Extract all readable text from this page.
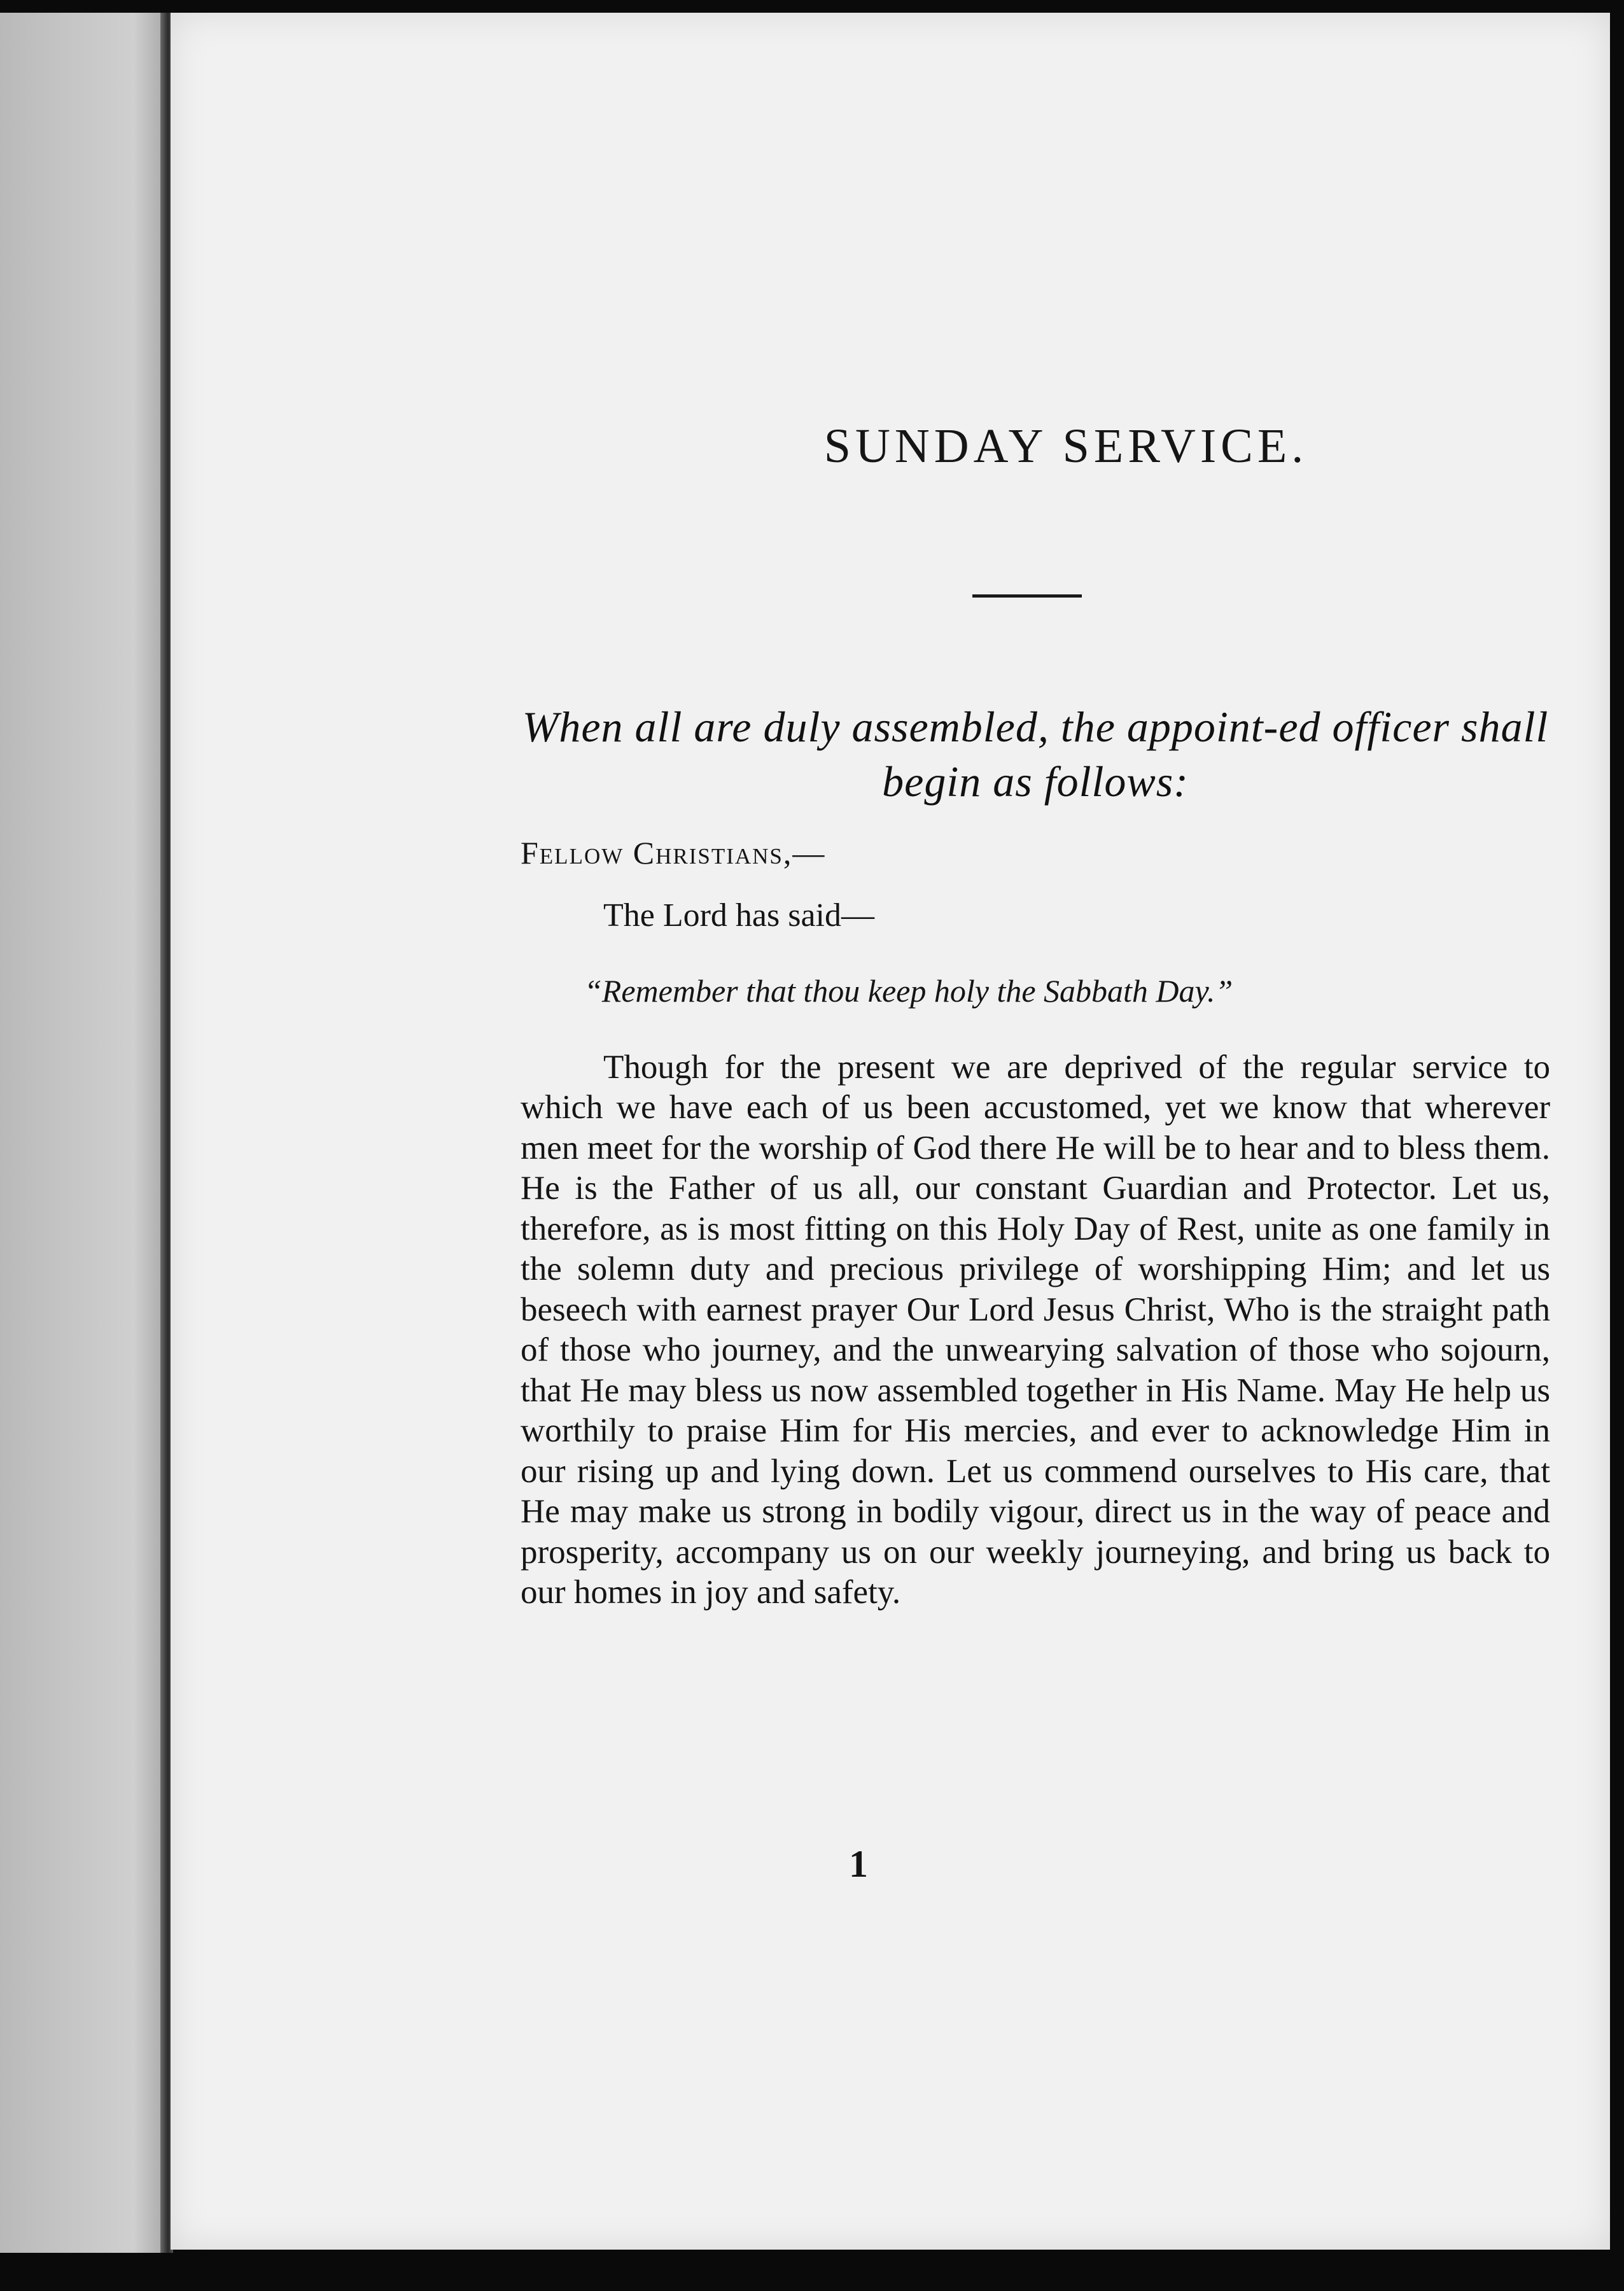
SUNDAY SERVICE.
When all are duly assembled, the appoint-ed officer shall begin as follows:
Fellow Christians,—
The Lord has said—
“Remember that thou keep holy the Sabbath Day.”

Though for the present we are deprived of the regular service to which we have each of us been accustomed, yet we know that wherever men meet for the worship of God there He will be to hear and to bless them. He is the Father of us all, our constant Guardian and Protector. Let us, therefore, as is most fitting on this Holy Day of Rest, unite as one family in the solemn duty and precious privilege of worshipping Him; and let us beseech with earnest prayer Our Lord Jesus Christ, Who is the straight path of those who journey, and the unwearying salvation of those who sojourn, that He may bless us now assembled together in His Name. May He help us worthily to praise Him for His mercies, and ever to acknowledge Him in our rising up and lying down. Let us commend ourselves to His care, that He may make us strong in bodily vigour, direct us in the way of peace and prosperity, accompany us on our weekly journeying, and bring us back to our homes in joy and safety.

1
